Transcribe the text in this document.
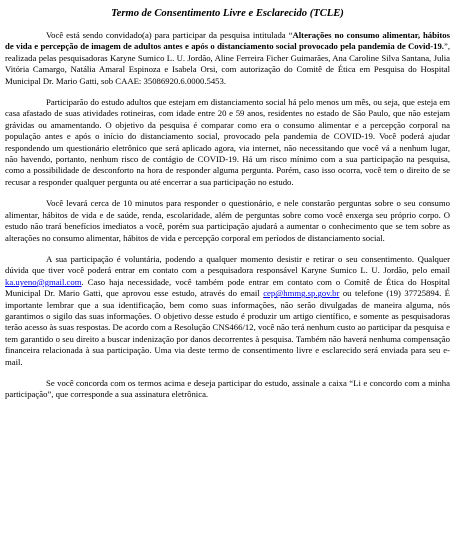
Termo de Consentimento Livre e Esclarecido (TCLE)

Você está sendo convidado(a) para participar da pesquisa intitulada “Alterações no consumo alimentar, hábitos de vida e percepção de imagem de adultos antes e após o distanciamento social provocado pela pandemia de Covid-19.”, realizada pelas pesquisadoras Karyne Sumico L. U. Jordão, Aline Ferreira Ficher Guimarães, Ana Caroline Silva Santana, Julia Vitória Camargo, Natália Amaral Espinoza e Isabela Orsi, com autorização do Comitê de Ética em Pesquisa do Hospital Municipal Dr. Mario Gatti, sob CAAE: 35086920.6.0000.5453.

Participarão do estudo adultos que estejam em distanciamento social há pelo menos um mês, ou seja, que esteja em casa afastado de suas atividades rotineiras, com idade entre 20 e 59 anos, residentes no estado de São Paulo, que não estejam grávidas ou amamentando. O objetivo da pesquisa é comparar como era o consumo alimentar e a percepção corporal na população antes e após o início do distanciamento social, provocado pela pandemia de COVID-19. Você poderá ajudar respondendo um questionário eletrônico que será aplicado agora, via internet, não necessitando que você vá a nenhum lugar, não havendo, portanto, nenhum risco de contágio de COVID-19. Há um risco mínimo com a sua participação na pesquisa, como a possibilidade de desconforto na hora de responder alguma pergunta. Porém, caso isso ocorra, você tem o direito de se recusar a responder qualquer pergunta ou até encerrar a sua participação no estudo.

Você levará cerca de 10 minutos para responder o questionário, e nele constarão perguntas sobre o seu consumo alimentar, hábitos de vida e de saúde, renda, escolaridade, além de perguntas sobre como você enxerga seu próprio corpo. O estudo não trará benefícios imediatos a você, porém sua participação ajudará a aumentar o conhecimento que se tem sobre as alterações no consumo alimentar, hábitos de vida e percepção corporal em períodos de distanciamento social.

A sua participação é voluntária, podendo a qualquer momento desistir e retirar o seu consentimento. Qualquer dúvida que tiver você poderá entrar em contato com a pesquisadora responsável Karyne Sumico L. U. Jordão, pelo email ka.uyeno@gmail.com. Caso haja necessidade, você também pode entrar em contato com o Comitê de Ética do Hospital Municipal Dr. Mario Gatti, que aprovou esse estudo, através do email cep@hmmg.sp.gov.br ou telefone (19) 37725894. É importante lembrar que a sua identificação, bem como suas informações, não serão divulgadas de maneira alguma, nós garantimos o sigilo das suas informações. O objetivo desse estudo é produzir um artigo científico, e somente as pesquisadoras terão acesso às suas respostas. De acordo com a Resolução CNS466/12, você não terá nenhum custo ao participar da pesquisa e tem garantido o seu direito a buscar indenização por danos decorrentes à pesquisa. Também não haverá nenhuma compensação financeira relacionada à sua participação. Uma via deste termo de consentimento livre e esclarecido será enviada para seu e-mail.

Se você concorda com os termos acima e deseja participar do estudo, assinale a caixa “Li e concordo com a minha participação”, que corresponde a sua assinatura eletrônica.
